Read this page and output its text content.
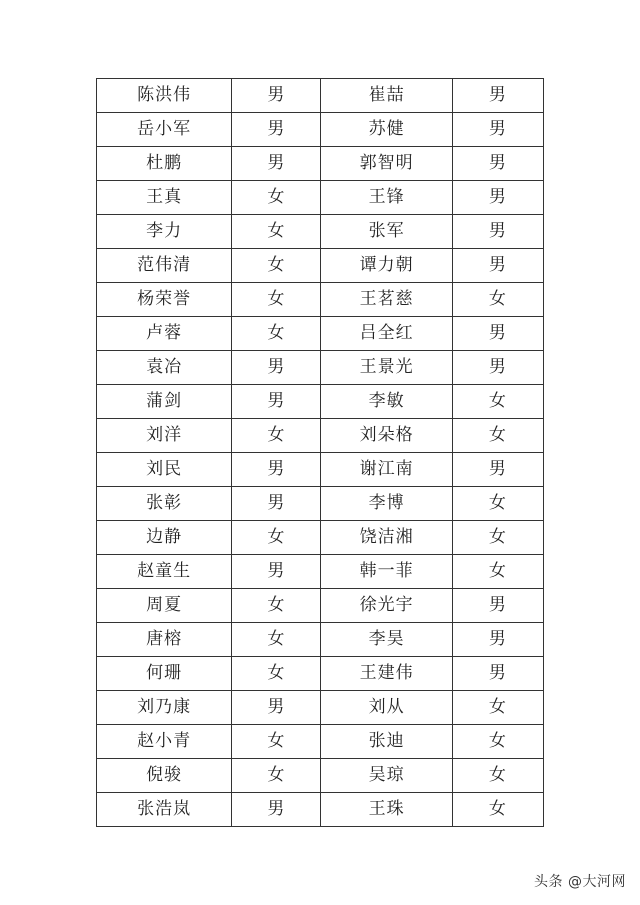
陈洪伟	男	崔喆	男
岳小军	男	苏健	男
杜鹏	男	郭智明	男
王真	女	王锋	男
李力	女	张军	男
范伟清	女	谭力朝	男
杨荣誉	女	王茗慈	女
卢蓉	女	吕全红	男
袁冶	男	王景光	男
蒲剑	男	李敏	女
刘洋	女	刘朵格	女
刘民	男	谢江南	男
张彰	男	李博	女
边静	女	饶洁湘	女
赵童生	男	韩一菲	女
周夏	女	徐光宇	男
唐榕	女	李昊	男
何珊	女	王建伟	男
刘乃康	男	刘从	女
赵小青	女	张迪	女
倪骏	女	吴琼	女
张浩岚	男	王珠	女
头条 @大河网
